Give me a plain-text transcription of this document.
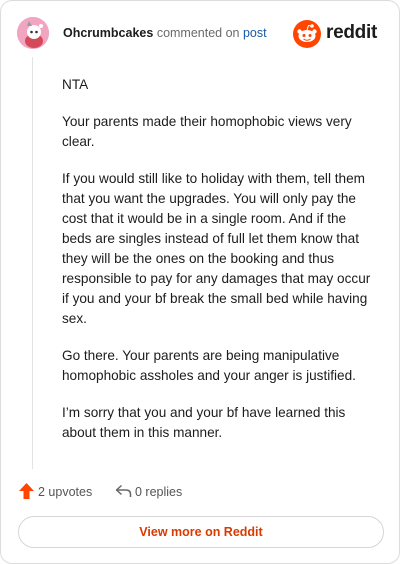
Ohcrumbcakes commented on post	reddit

NTA

Your parents made their homophobic views very clear.

If you would still like to holiday with them, tell them that you want the upgrades. You will only pay the cost that it would be in a single room. And if the beds are singles instead of full let them know that they will be the ones on the booking and thus responsible to pay for any damages that may occur if you and your bf break the small bed while having sex.

Go there. Your parents are being manipulative homophobic assholes and your anger is justified.

I’m sorry that you and your bf have learned this about them in this manner.

2 upvotes	0 replies
View more on Reddit
